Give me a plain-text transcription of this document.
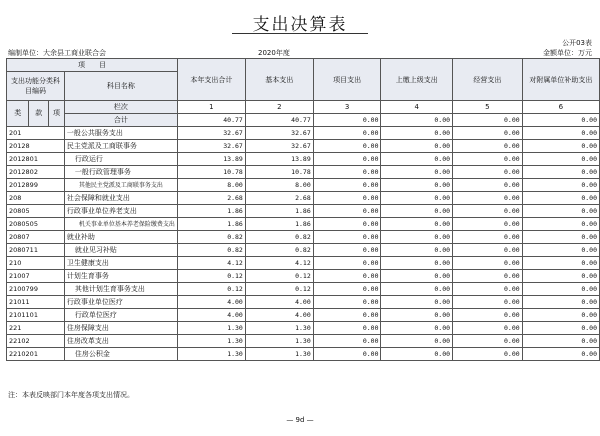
支出决算表
公开03表
编制单位：大余县工商业联合会	2020年度	金额单位：万元
项　　目				本年支出合计	基本支出	项目支出	上缴上级支出	经营支出	对附属单位补助支出
支出功能分类科目编码			科目名称						

类	款	项	栏次	1	2	3	4	5	6
			合计	40.77	40.77	0.00	0.00	0.00	0.00
201			一般公共服务支出	32.67	32.67	0.00	0.00	0.00	0.00
20128			民主党派及工商联事务	32.67	32.67	0.00	0.00	0.00	0.00
2012801			行政运行	13.89	13.89	0.00	0.00	0.00	0.00
2012802			一般行政管理事务	10.78	10.78	0.00	0.00	0.00	0.00
2012899			其他民主党派及工商联事务支出	8.00	8.00	0.00	0.00	0.00	0.00
208			社会保障和就业支出	2.68	2.68	0.00	0.00	0.00	0.00
20805			行政事业单位养老支出	1.86	1.86	0.00	0.00	0.00	0.00
2080505			机关事业单位基本养老保险缴费支出	1.86	1.86	0.00	0.00	0.00	0.00
20807			就业补助	0.82	0.82	0.00	0.00	0.00	0.00
2080711			就业见习补贴	0.82	0.82	0.00	0.00	0.00	0.00
210			卫生健康支出	4.12	4.12	0.00	0.00	0.00	0.00
21007			计划生育事务	0.12	0.12	0.00	0.00	0.00	0.00
2100799			其他计划生育事务支出	0.12	0.12	0.00	0.00	0.00	0.00
21011			行政事业单位医疗	4.00	4.00	0.00	0.00	0.00	0.00
2101101			行政单位医疗	4.00	4.00	0.00	0.00	0.00	0.00
221			住房保障支出	1.30	1.30	0.00	0.00	0.00	0.00
22102			住房改革支出	1.30	1.30	0.00	0.00	0.00	0.00
2210201			住房公积金	1.30	1.30	0.00	0.00	0.00	0.00
注：本表反映部门本年度各项支出情况。
— 9d —
